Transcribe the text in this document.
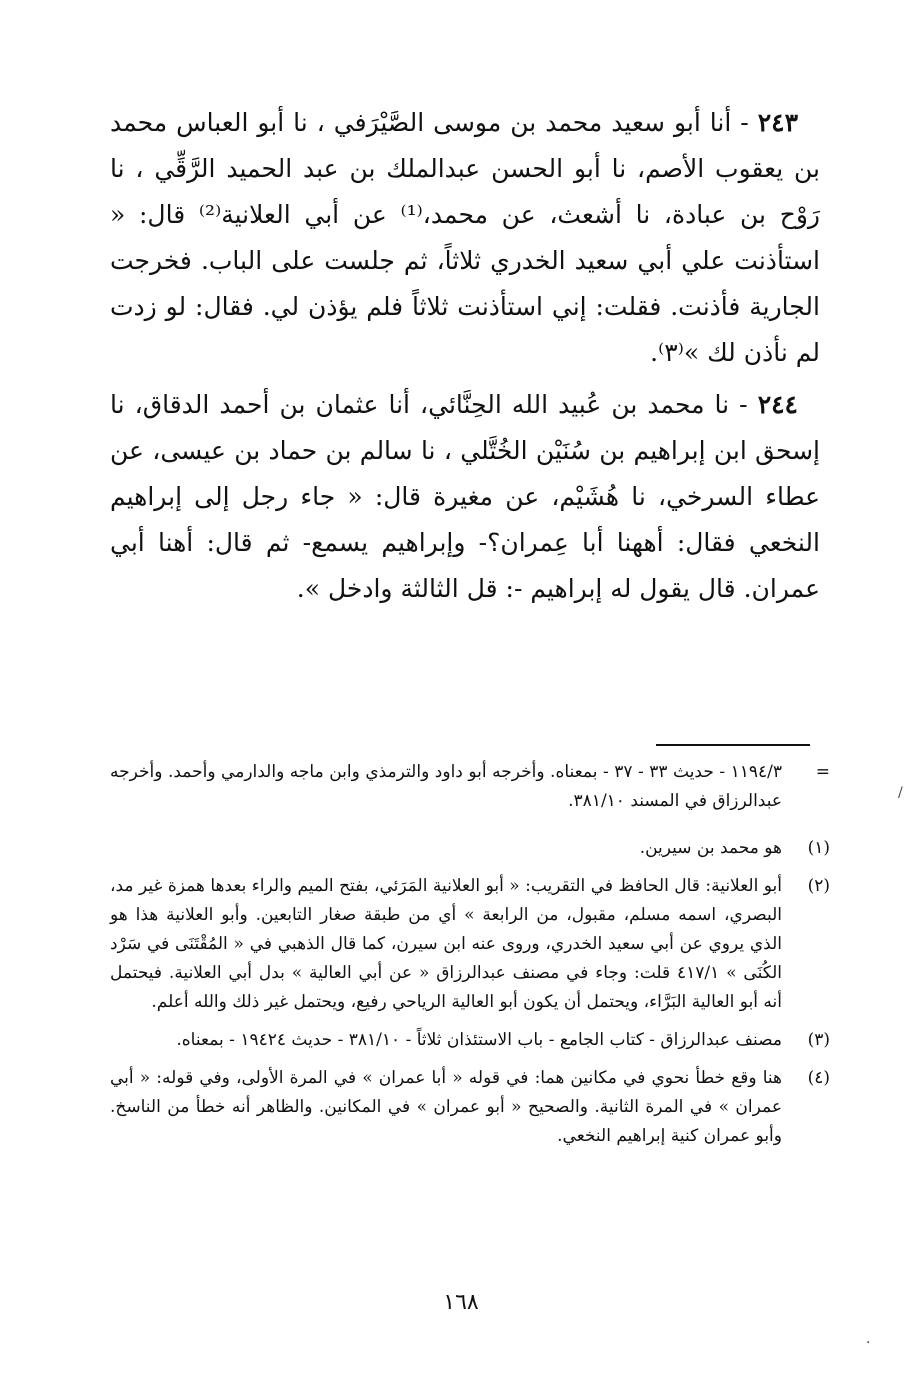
٢٤٣ - أنا أبو سعيد محمد بن موسى الصَّيْرَفي ، نا أبو العباس محمد بن يعقوب الأصم، نا أبو الحسن عبدالملك بن عبد الحميد الرَّقِّي ، نا رَوْح بن عبادة، نا أشعث، عن محمد،⁽¹⁾ عن أبي العلانية⁽²⁾ قال: « استأذنت علي أبي سعيد الخدري ثلاثاً، ثم جلست على الباب. فخرجت الجارية فأذنت. فقلت: إني استأذنت ثلاثاً فلم يؤذن لي. فقال: لو زدت لم نأذن لك »⁽٣⁾.

٢٤٤ - نا محمد بن عُبيد الله الحِنَّائي، أنا عثمان بن أحمد الدقاق، نا إسحق ابن إبراهيم بن سُنَيْن الخُتَّلي ، نا سالم بن حماد بن عيسى، عن عطاء السرخي، نا هُشَيْم، عن مغيرة قال: « جاء رجل إلى إبراهيم النخعي فقال: أههنا أبا عِمران؟- وإبراهيم يسمع- ثم قال: أهنا أبي عمران. قال يقول له إبراهيم -: قل الثالثة وادخل ».

=
١١٩٤/٣ - حديث ٣٣ - ٣٧ - بمعناه. وأخرجه أبو داود والترمذي وابن ماجه والدارمي وأحمد. وأخرجه عبدالرزاق في المسند ٣٨١/١٠.
(١)
هو محمد بن سيرين.
(٢)
أبو العلانية: قال الحافظ في التقريب: « أبو العلانية المَرَئي، بفتح الميم والراء بعدها همزة غير مد، البصري، اسمه مسلم، مقبول، من الرابعة » أي من طبقة صغار التابعين. وأبو العلانية هذا هو الذي يروي عن أبي سعيد الخدري، وروى عنه ابن سيرن، كما قال الذهبي في « المُقْتَنَى في سَرْد الكُنَى » ٤١٧/١ قلت: وجاء في مصنف عبدالرزاق « عن أبي العالية » بدل أبي العلانية. فيحتمل أنه أبو العالية البَرَّاء، ويحتمل أن يكون أبو العالية الرياحي رفيع، ويحتمل غير ذلك والله أعلم.
(٣)
مصنف عبدالرزاق - كتاب الجامع - باب الاستئذان ثلاثاً - ٣٨١/١٠ - حديث ١٩٤٢٤ - بمعناه.
(٤)
هنا وقع خطأ نحوي في مكانين هما: في قوله « أبا عمران » في المرة الأولى، وفي قوله: « أبي عمران » في المرة الثانية. والصحيح « أبو عمران » في المكانين. والظاهر أنه خطأ من الناسخ. وأبو عمران كنية إبراهيم النخعي.
١٦٨
/
·
